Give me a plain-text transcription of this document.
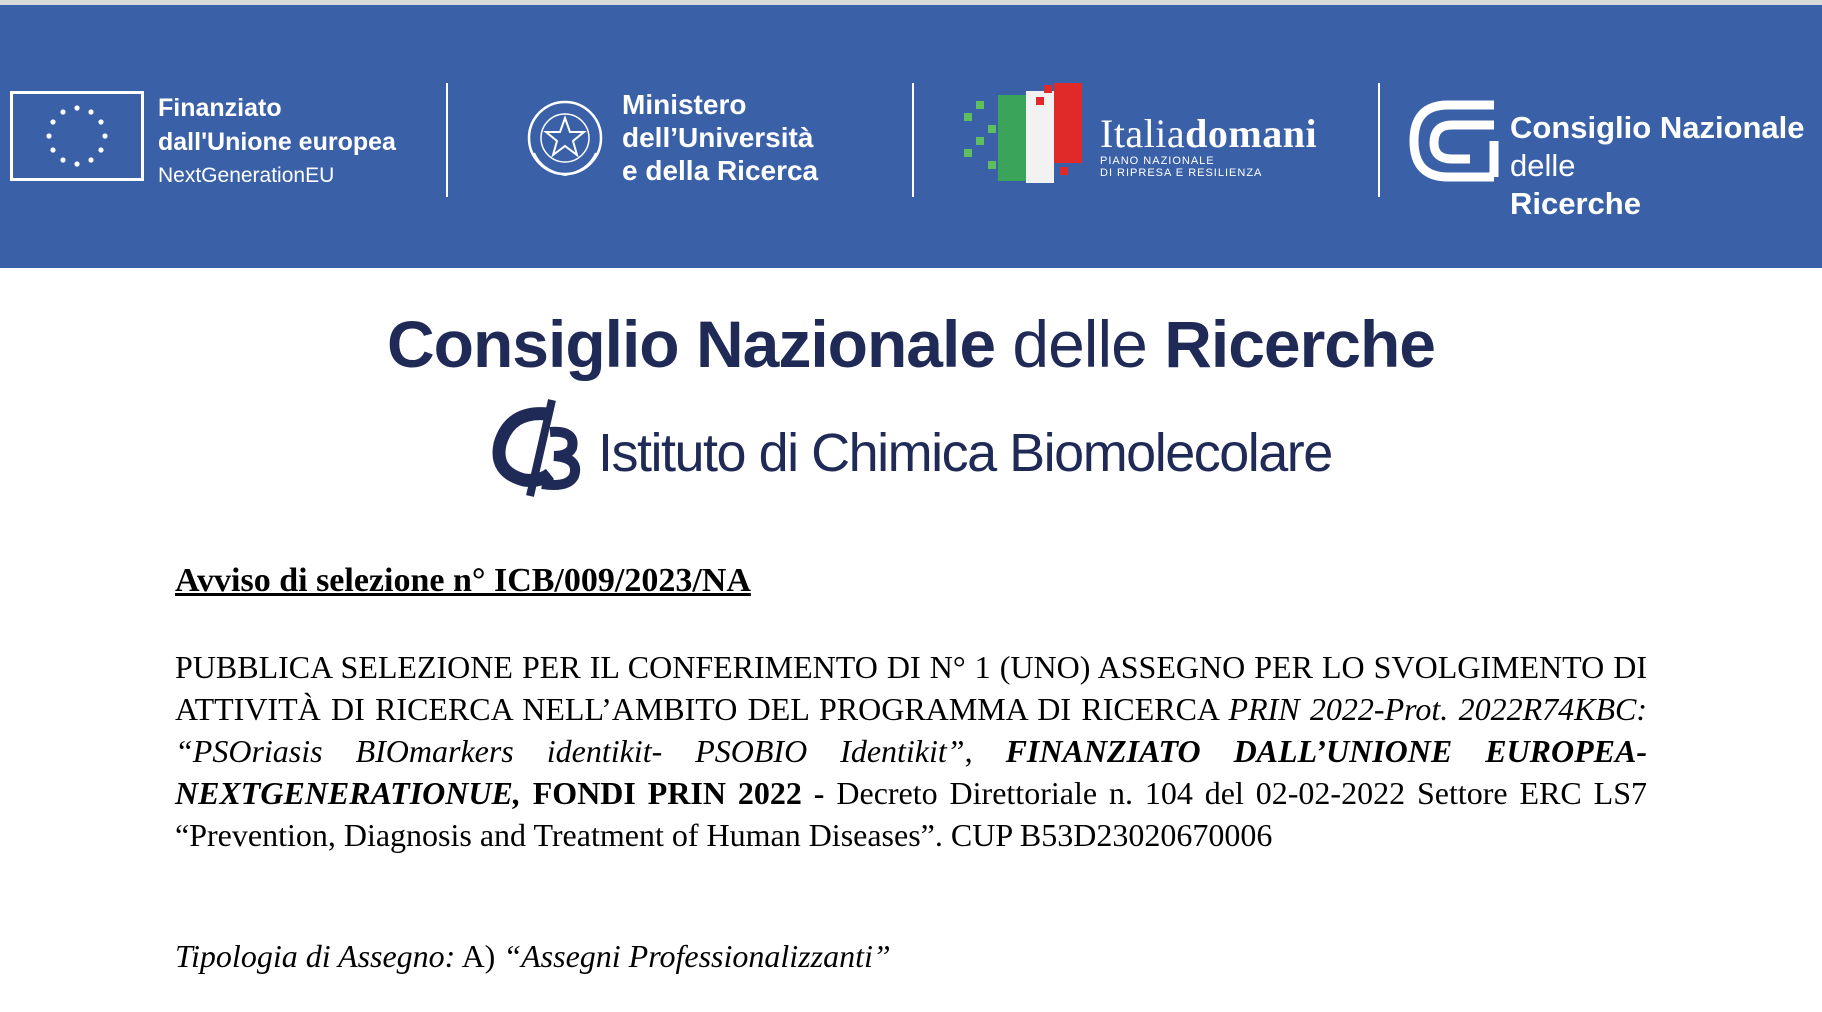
Finanziato
dall'Unione europea
NextGenerationEU
Ministero
dell’Università
e della Ricerca
Italiadomani
PIANO NAZIONALE
DI RIPRESA E RESILIENZA
Consiglio Nazionale
delle
Ricerche
Consiglio Nazionale delle Ricerche
Istituto di Chimica Biomolecolare
Avviso di selezione n° ICB/009/2023/NA
PUBBLICA SELEZIONE PER IL CONFERIMENTO DI N° 1 (UNO) ASSEGNO PER LO SVOLGIMENTO DI ATTIVITÀ DI RICERCA NELL’AMBITO DEL PROGRAMMA DI RICERCA PRIN 2022-Prot. 2022R74KBC: “PSOriasis BIOmarkers identikit- PSOBIO Identikit”, FINANZIATO DALL’UNIONE EUROPEA-NEXTGENERATIONUE, FONDI PRIN 2022 - Decreto Direttoriale n. 104 del 02-02-2022 Settore ERC LS7 “Prevention, Diagnosis and Treatment of Human Diseases”. CUP B53D23020670006
Tipologia di Assegno: A) “Assegni Professionalizzanti”
